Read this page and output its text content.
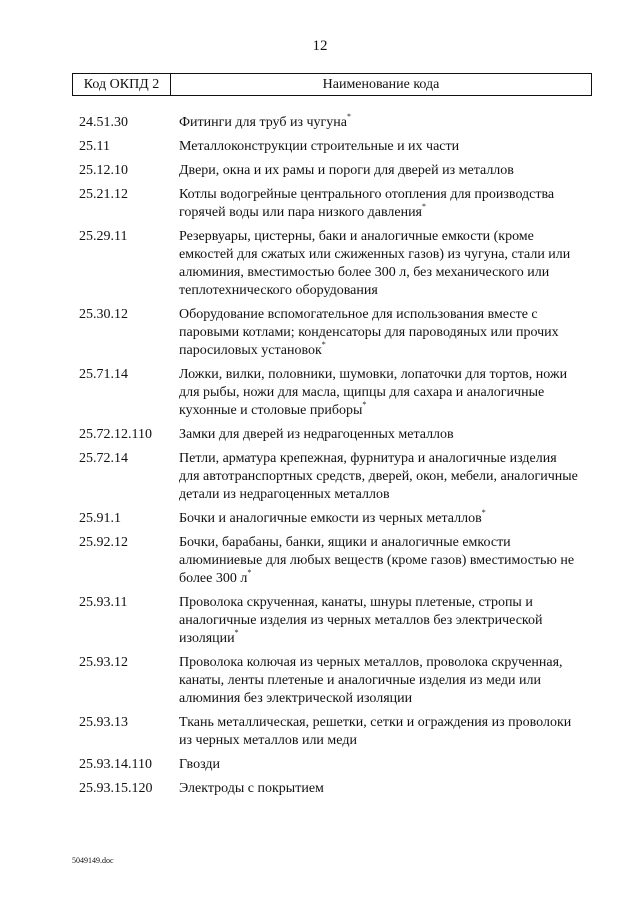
12
Код ОКПД 2	Наименование кода
24.51.30	Фитинги для труб из чугуна*
25.11	Металлоконструкции строительные и их части
25.12.10	Двери, окна и их рамы и пороги для дверей из металлов
25.21.12	Котлы водогрейные центрального отопления для производства горячей воды или пара низкого давления*
25.29.11	Резервуары, цистерны, баки и аналогичные емкости (кроме емкостей для сжатых или сжиженных газов) из чугуна, стали или алюминия, вместимостью более 300 л, без механического или теплотехнического оборудования
25.30.12	Оборудование вспомогательное для использования вместе с паровыми котлами; конденсаторы для пароводяных или прочих паросиловых установок*
25.71.14	Ложки, вилки, половники, шумовки, лопаточки для тортов, ножи для рыбы, ножи для масла, щипцы для сахара и аналогичные кухонные и столовые приборы*
25.72.12.110	Замки для дверей из недрагоценных металлов
25.72.14	Петли, арматура крепежная, фурнитура и аналогичные изделия для автотранспортных средств, дверей, окон, мебели, аналогичные детали из недрагоценных металлов
25.91.1	Бочки и аналогичные емкости из черных металлов*
25.92.12	Бочки, барабаны, банки, ящики и аналогичные емкости алюминиевые для любых веществ (кроме газов) вместимостью не более 300 л*
25.93.11	Проволока скрученная, канаты, шнуры плетеные, стропы и аналогичные изделия из черных металлов без электрической изоляции*
25.93.12	Проволока колючая из черных металлов, проволока скрученная, канаты, ленты плетеные и аналогичные изделия из меди или алюминия без электрической изоляции
25.93.13	Ткань металлическая, решетки, сетки и ограждения из проволоки из черных металлов или меди
25.93.14.110	Гвозди
25.93.15.120	Электроды с покрытием
5049149.doc
